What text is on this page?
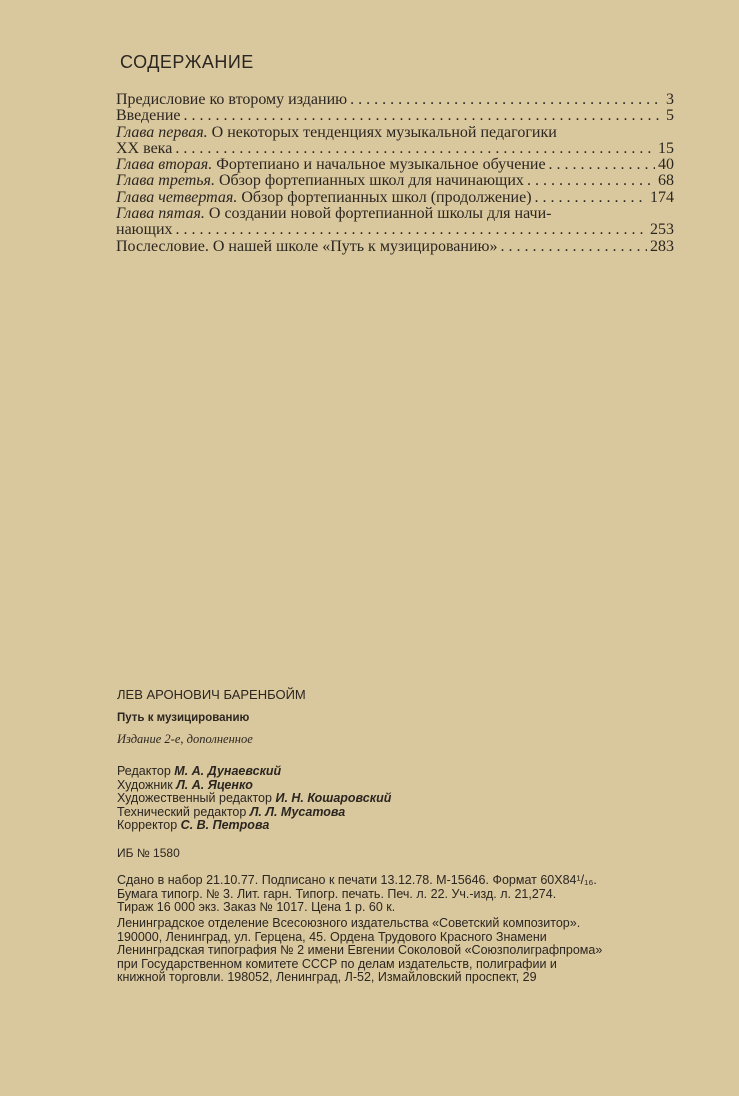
СОДЕРЖАНИЕ
Предисловие ко второму изданию . . .	3
Введение . . .	5
Глава первая. О некоторых тенденциях музыкальной педагогики
XX века . . .	15
Глава вторая.
Фортепиано и начальное музыкальное обучение . . .	40
Глава третья.
Обзор фортепианных школ для начинающих . . .	68
Глава четвертая.
Обзор фортепианных школ (продолжение) . . .	174
Глава пятая. О создании новой фортепианной школы для начи-
нающих . . .	253
Послесловие. О нашей школе «Путь к музицированию» . . .	283
ЛЕВ АРОНОВИЧ БАРЕНБОЙМ
Путь к музицированию
Издание 2-е, дополненное
Редактор М. А. Дунаевский
Художник Л. А. Яценко
Художественный редактор И. Н. Кошаровский
Технический редактор Л. Л. Мусатова
Корректор С. В. Петрова
ИБ № 1580
Сдано в набор 21.10.77. Подписано к печати 13.12.78. М-15646. Формат 60Х84¹/₁₆.
Бумага типогр. № 3. Лит. гарн. Типогр. печать. Печ. л. 22. Уч.-изд. л. 21,274.
Тираж 16 000 экз. Заказ № 1017. Цена 1 р. 60 к.
Ленинградское отделение Всесоюзного издательства «Советский композитор».
190000, Ленинград, ул. Герцена, 45. Ордена Трудового Красного Знамени
Ленинградская типография № 2 имени Евгении Соколовой «Союзполиграфпрома»
при Государственном комитете СССР по делам издательств, полиграфии и
книжной торговли. 198052, Ленинград, Л-52, Измайловский проспект, 29
